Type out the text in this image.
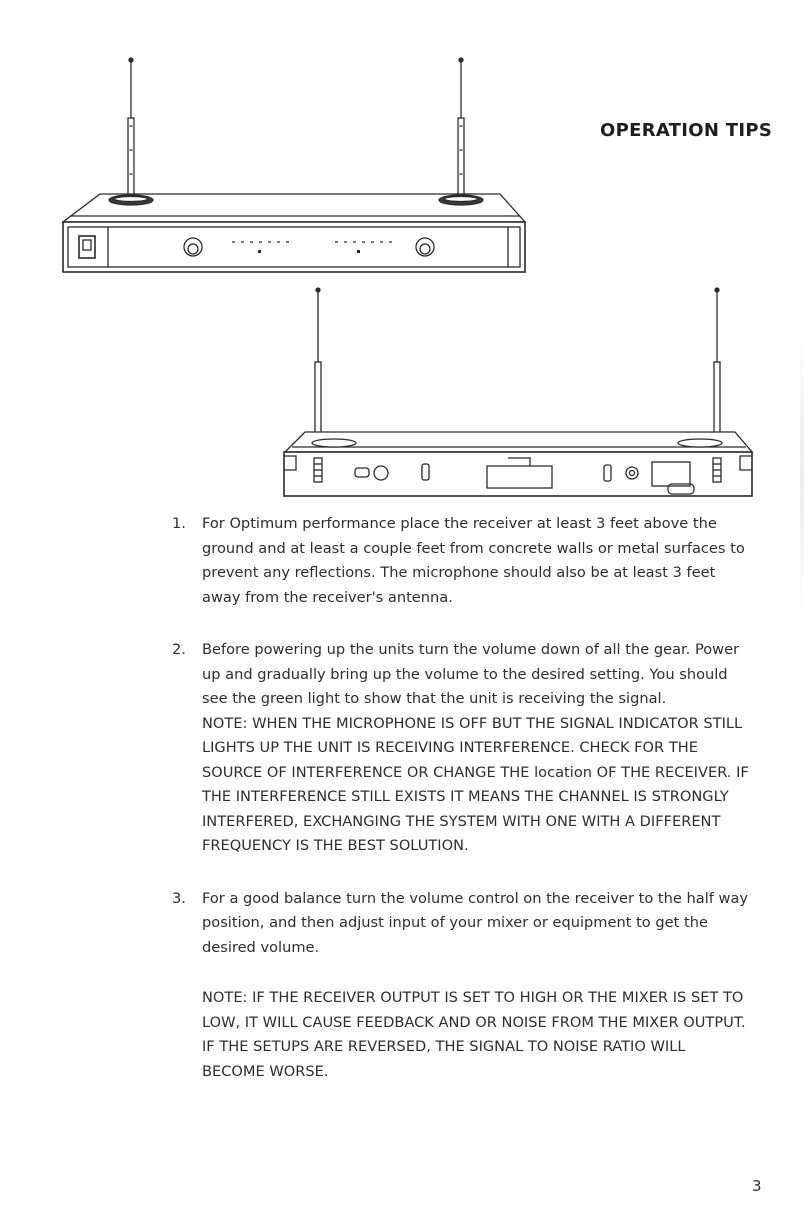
OPERATION TIPS
1.	For Optimum performance place the receiver at least 3 feet above the ground and at least a couple feet from concrete walls or metal surfaces to prevent any reflections. The microphone should also be at least 3 feet away from the receiver's antenna.
2.	Before powering up the units turn the volume down of all the gear. Power up and gradually bring up the volume to the desired setting. You should see the green light to show that the unit is receiving the signal.
NOTE: WHEN THE MICROPHONE IS OFF BUT THE SIGNAL INDICATOR STILL LIGHTS UP THE UNIT IS RECEIVING INTERFERENCE. CHECK FOR THE SOURCE OF INTERFERENCE OR CHANGE THE location OF THE RECEIVER. IF THE INTERFERENCE STILL EXISTS IT MEANS THE CHANNEL IS STRONGLY INTERFERED, EXCHANGING THE SYSTEM WITH ONE WITH A DIFFERENT FREQUENCY IS THE BEST SOLUTION.
3.	For a good balance turn the volume control on the receiver to the half way position, and then adjust input of your mixer or equipment to get the desired volume.
NOTE: IF THE RECEIVER OUTPUT IS SET TO HIGH OR THE MIXER IS SET TO LOW, IT WILL CAUSE FEEDBACK AND OR NOISE FROM THE MIXER OUTPUT. IF THE SETUPS ARE REVERSED, THE SIGNAL TO NOISE RATIO WILL BECOME WORSE.
3
